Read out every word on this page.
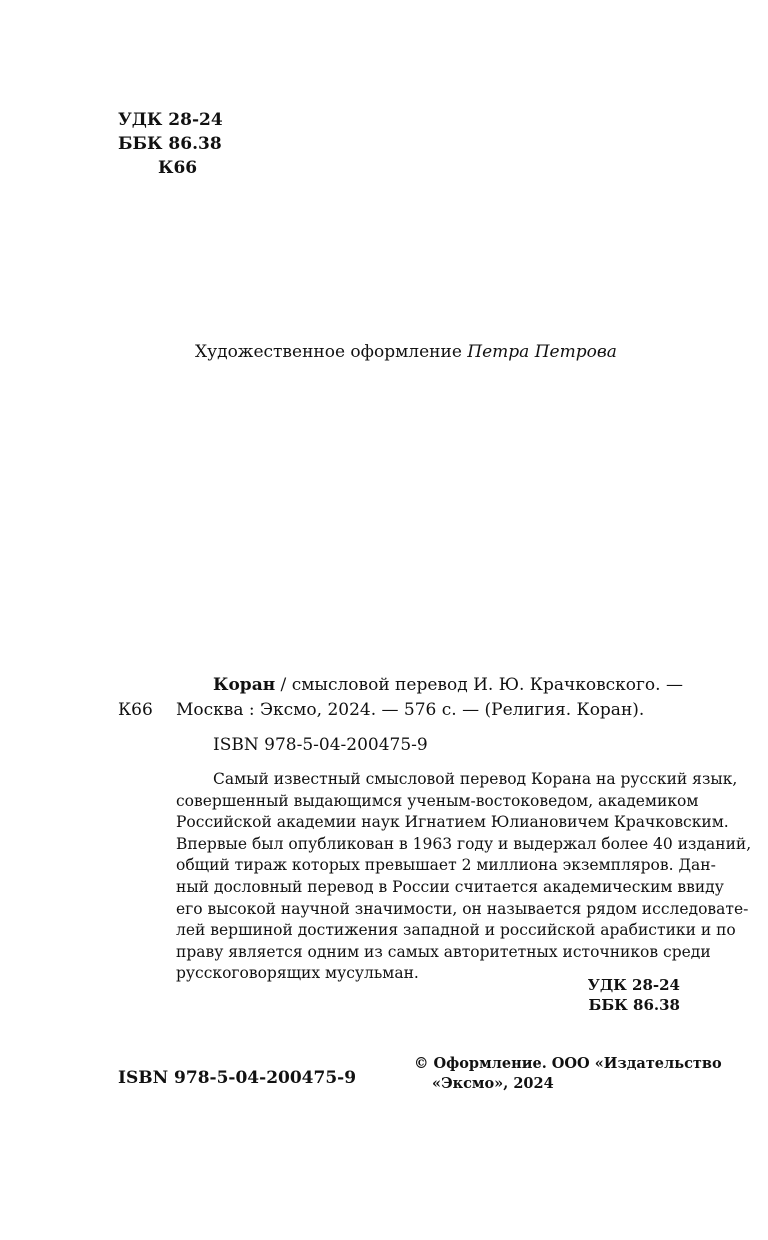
УДК 28-24
ББК 86.38
К66
Художественное оформление Петра Петрова
К66
Коран / смысловой перевод И. Ю. Крачковского. —
Москва : Эксмо, 2024. — 576 с. — (Религия. Коран).
ISBN 978-5-04-200475-9
Самый известный смысловой перевод Корана на русский язык,
совершенный выдающимся ученым-востоковедом, академиком
Российской академии наук Игнатием Юлиановичем Крачковским.
Впервые был опубликован в 1963 году и выдержал более 40 изданий,
общий тираж которых превышает 2 миллиона экземпляров. Дан-
ный дословный перевод в России считается академическим ввиду
его высокой научной значимости, он называется рядом исследовате-
лей вершиной достижения западной и российской арабистики и по
праву является одним из самых авторитетных источников среди
русскоговорящих мусульман.
УДК 28-24
ББК 86.38
ISBN 978-5-04-200475-9
© Оформление. ООО «Издательство
«Эксмо», 2024
